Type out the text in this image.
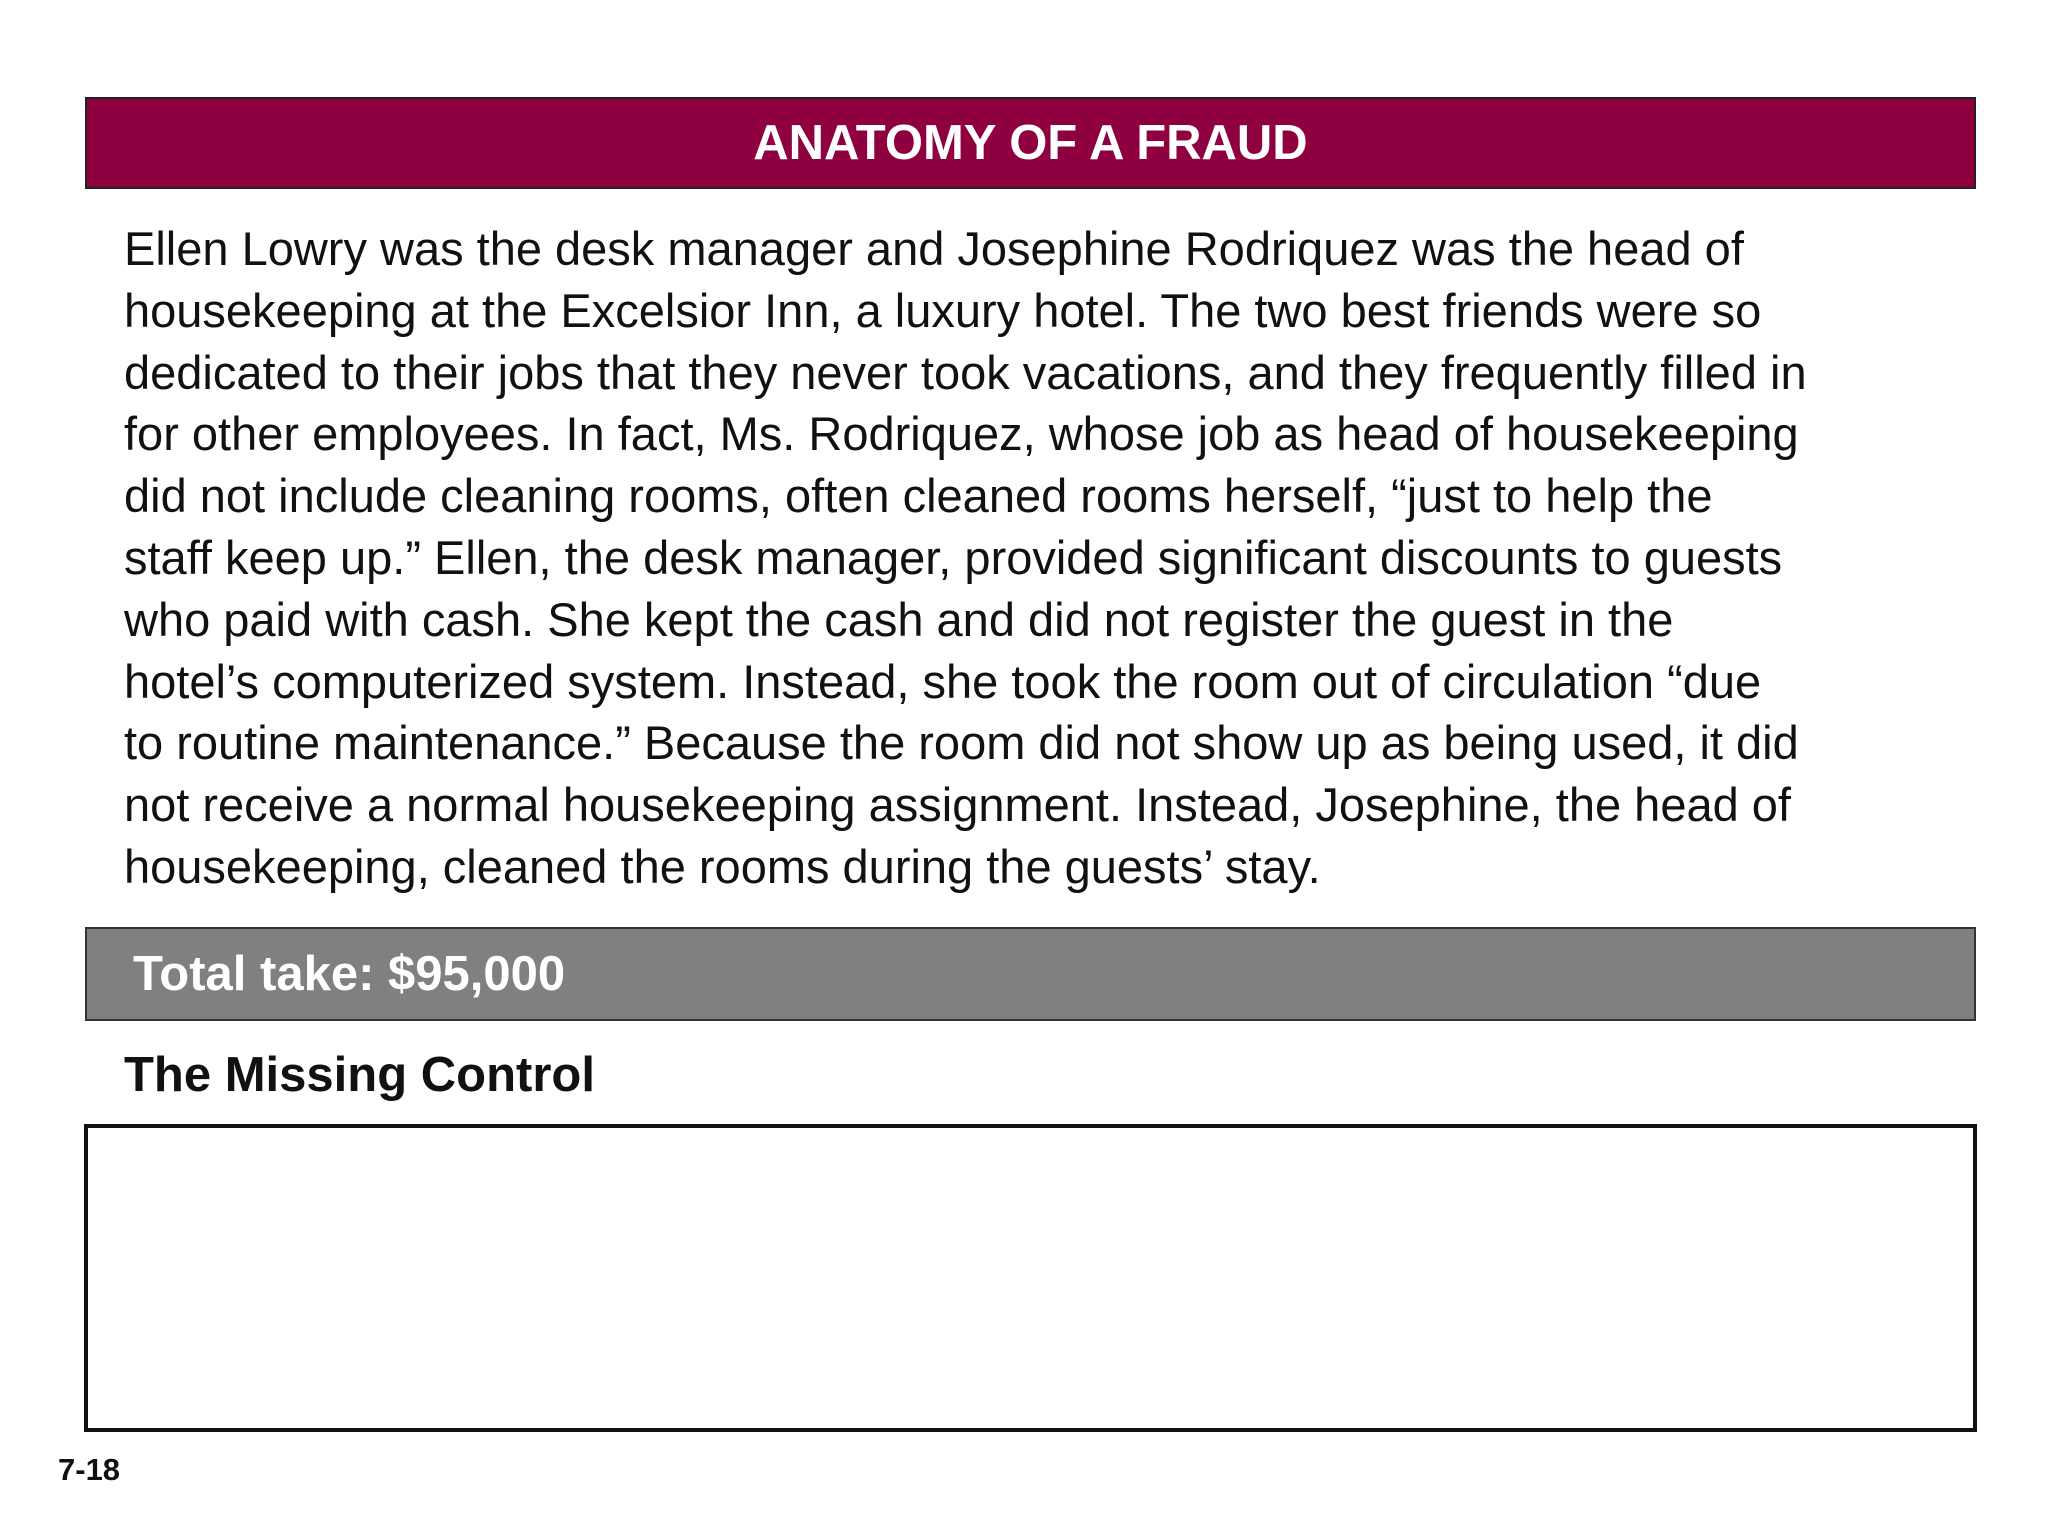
ANATOMY OF A FRAUD

Ellen Lowry was the desk manager and Josephine Rodriquez was the head of
housekeeping at the Excelsior Inn, a luxury hotel. The two best friends were so
dedicated to their jobs that they never took vacations, and they frequently filled in
for other employees. In fact, Ms. Rodriquez, whose job as head of housekeeping
did not include cleaning rooms, often cleaned rooms herself, “just to help the
staff keep up.” Ellen, the desk manager, provided significant discounts to guests
who paid with cash. She kept the cash and did not register the guest in the
hotel’s computerized system. Instead, she took the room out of circulation “due
to routine maintenance.” Because the room did not show up as being used, it did
not receive a normal housekeeping assignment. Instead, Josephine, the head of
housekeeping, cleaned the rooms during the guests’ stay.

Total take: $95,000
The Missing Control
7-18
